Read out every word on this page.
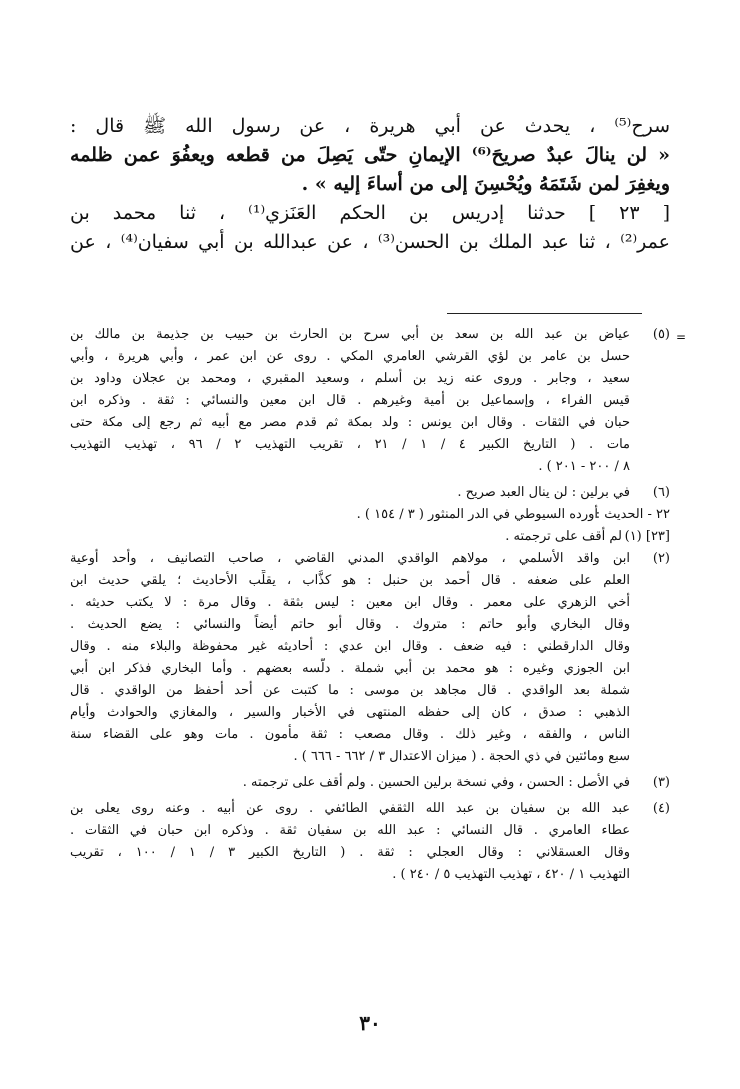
سرح⁽⁵⁾ ، يحدث عن أبي هريرة ، عن رسول الله ﷺ قال :

« لن ينالَ عبدٌ صريحَ⁽⁶⁾ الإيمانِ حتّى يَصِلَ من قطعه ويعفُوَ عمن ظلمه

ويغفِرَ لمن شَتَمَهُ ويُحْسِنَ إلى من أساءَ إليه » .

[ ٢٣ ] حدثنا إدريس بن الحكم العَنَزي⁽¹⁾ ، ثنا محمد بن

عمر⁽²⁾ ، ثنا عبد الملك بن الحسن⁽³⁾ ، عن عبدالله بن أبي سفيان⁽⁴⁾ ، عن

=
(٥)
عياض بن عبد الله بن سعد بن أبي سرح بن الحارث بن حبيب بن جذيمة بن مالك بن
حسل بن عامر بن لؤي القرشي العامري المكي . روى عن ابن عمر ، وأبي هريرة ، وأبي
سعيد ، وجابر . وروى عنه زيد بن أسلم ، وسعيد المقبري ، ومحمد بن عجلان وداود بن
قيس الفراء ، وإسماعيل بن أمية وغيرهم . قال ابن معين والنسائي : ثقة . وذكره ابن
حبان في الثقات . وقال ابن يونس : ولد بمكة ثم قدم مصر مع أبيه ثم رجع إلى مكة حتى
مات . ( التاريخ الكبير ٤ / ١ / ٢١ ، تقريب التهذيب ٢ / ٩٦ ، تهذيب التهذيب
٨ / ٢٠٠ - ٢٠١ ) .
(٦)
في برلين : لن ينال العبد صريح .
٢٢ - الحديث :
أورده السيوطي في الدر المنثور ( ٣ / ١٥٤ ) .
[٢٣] (١)
لم أقف على ترجمته .
(٢)
ابن واقد الأسلمي ، مولاهم الواقدي المدني القاضي ، صاحب التصانيف ، وأحد أوعية
العلم على ضعفه . قال أحمد بن حنبل : هو كذَّاب ، يقلِّب الأحاديث ؛ يلقي حديث ابن
أخي الزهري على معمر . وقال ابن معين : ليس بثقة . وقال مرة : لا يكتب حديثه .
وقال البخاري وأبو حاتم : متروك . وقال أبو حاتم أيضاً والنسائي : يضع الحديث .
وقال الدارقطني : فيه ضعف . وقال ابن عدي : أحاديثه غير محفوظة والبلاء منه . وقال
ابن الجوزي وغيره : هو محمد بن أبي شملة . دلّسه بعضهم . وأما البخاري فذكر ابن أبي
شملة بعد الواقدي . قال مجاهد بن موسى : ما كتبت عن أحد أحفظ من الواقدي . قال
الذهبي : صدق ، كان إلى حفظه المنتهى في الأخبار والسير ، والمغازي والحوادث وأيام
الناس ، والفقه ، وغير ذلك . وقال مصعب : ثقة مأمون . مات وهو على القضاء سنة
سبع ومائتين في ذي الحجة . ( ميزان الاعتدال ٣ / ٦٦٢ - ٦٦٦ ) .
(٣)
في الأصل : الحسن ، وفي نسخة برلين الحسين . ولم أقف على ترجمته .
(٤)
عبد الله بن سفيان بن عبد الله الثقفي الطائفي . روى عن أبيه . وعنه روى يعلى بن
عطاء العامري . قال النسائي : عبد الله بن سفيان ثقة . وذكره ابن حبان في الثقات .
وقال العسقلاني : وقال العجلي : ثقة . ( التاريخ الكبير ٣ / ١ / ١٠٠ ، تقريب
التهذيب ١ / ٤٢٠ ، تهذيب التهذيب ٥ / ٢٤٠ ) .
٣٠
